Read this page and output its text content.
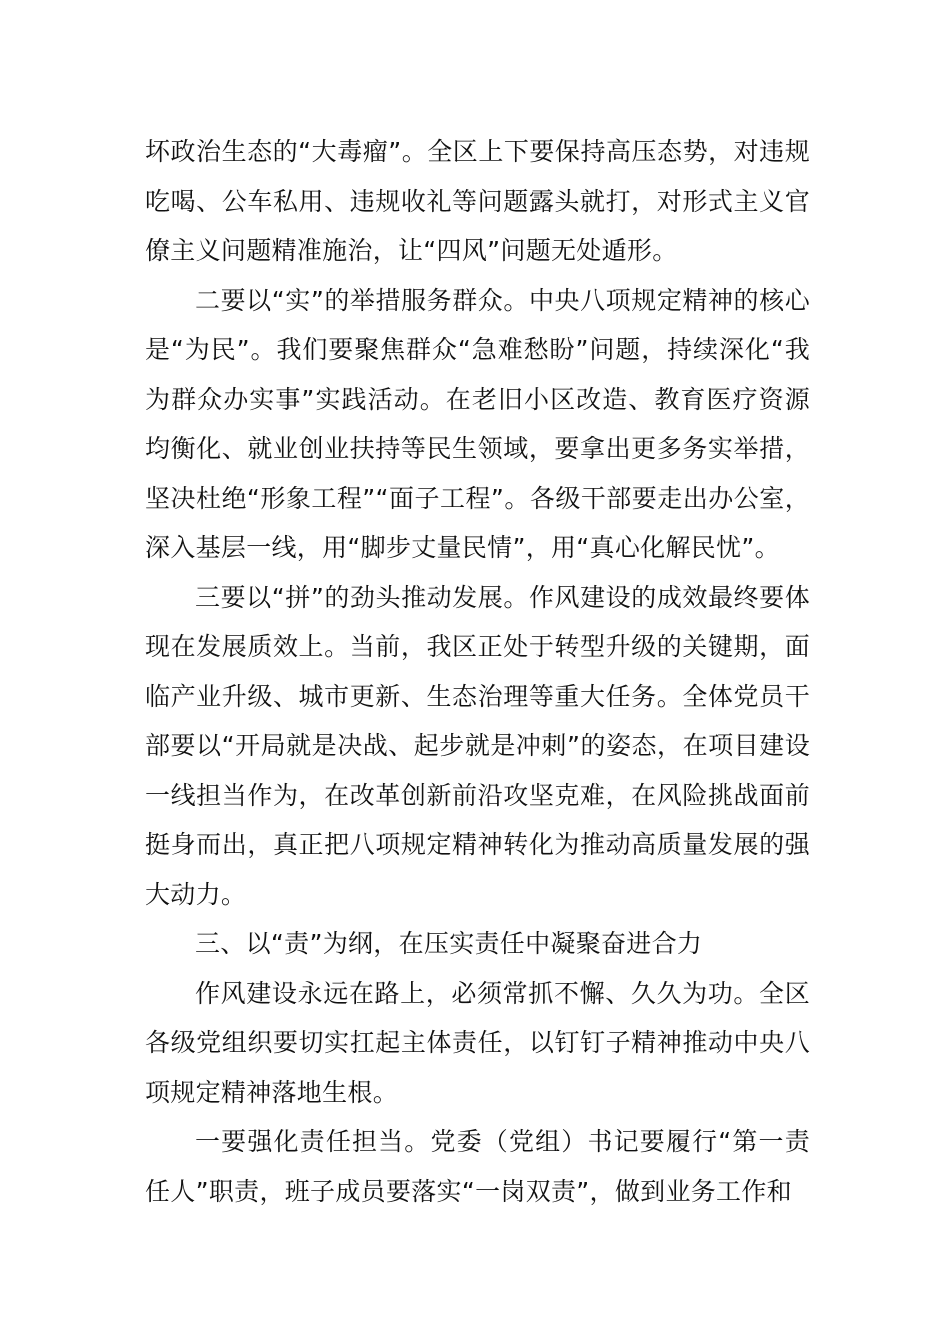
坏政治生态的“大毒瘤”。全区上下要保持高压态势，对违规吃喝、公车私用、违规收礼等问题露头就打，对形式主义官僚主义问题精准施治，让“四风”问题无处遁形。

二要以“实”的举措服务群众。中央八项规定精神的核心是“为民”。我们要聚焦群众“急难愁盼”问题，持续深化“我为群众办实事”实践活动。在老旧小区改造、教育医疗资源均衡化、就业创业扶持等民生领域，要拿出更多务实举措，坚决杜绝“形象工程”“面子工程”。各级干部要走出办公室，深入基层一线，用“脚步丈量民情”，用“真心化解民忧”。

三要以“拼”的劲头推动发展。作风建设的成效最终要体现在发展质效上。当前，我区正处于转型升级的关键期，面临产业升级、城市更新、生态治理等重大任务。全体党员干部要以“开局就是决战、起步就是冲刺”的姿态，在项目建设一线担当作为，在改革创新前沿攻坚克难，在风险挑战面前挺身而出，真正把八项规定精神转化为推动高质量发展的强大动力。

三、以“责”为纲，在压实责任中凝聚奋进合力

作风建设永远在路上，必须常抓不懈、久久为功。全区各级党组织要切实扛起主体责任，以钉钉子精神推动中央八项规定精神落地生根。

一要强化责任担当。党委（党组）书记要履行“第一责任人”职责，班子成员要落实“一岗双责”，做到业务工作和
